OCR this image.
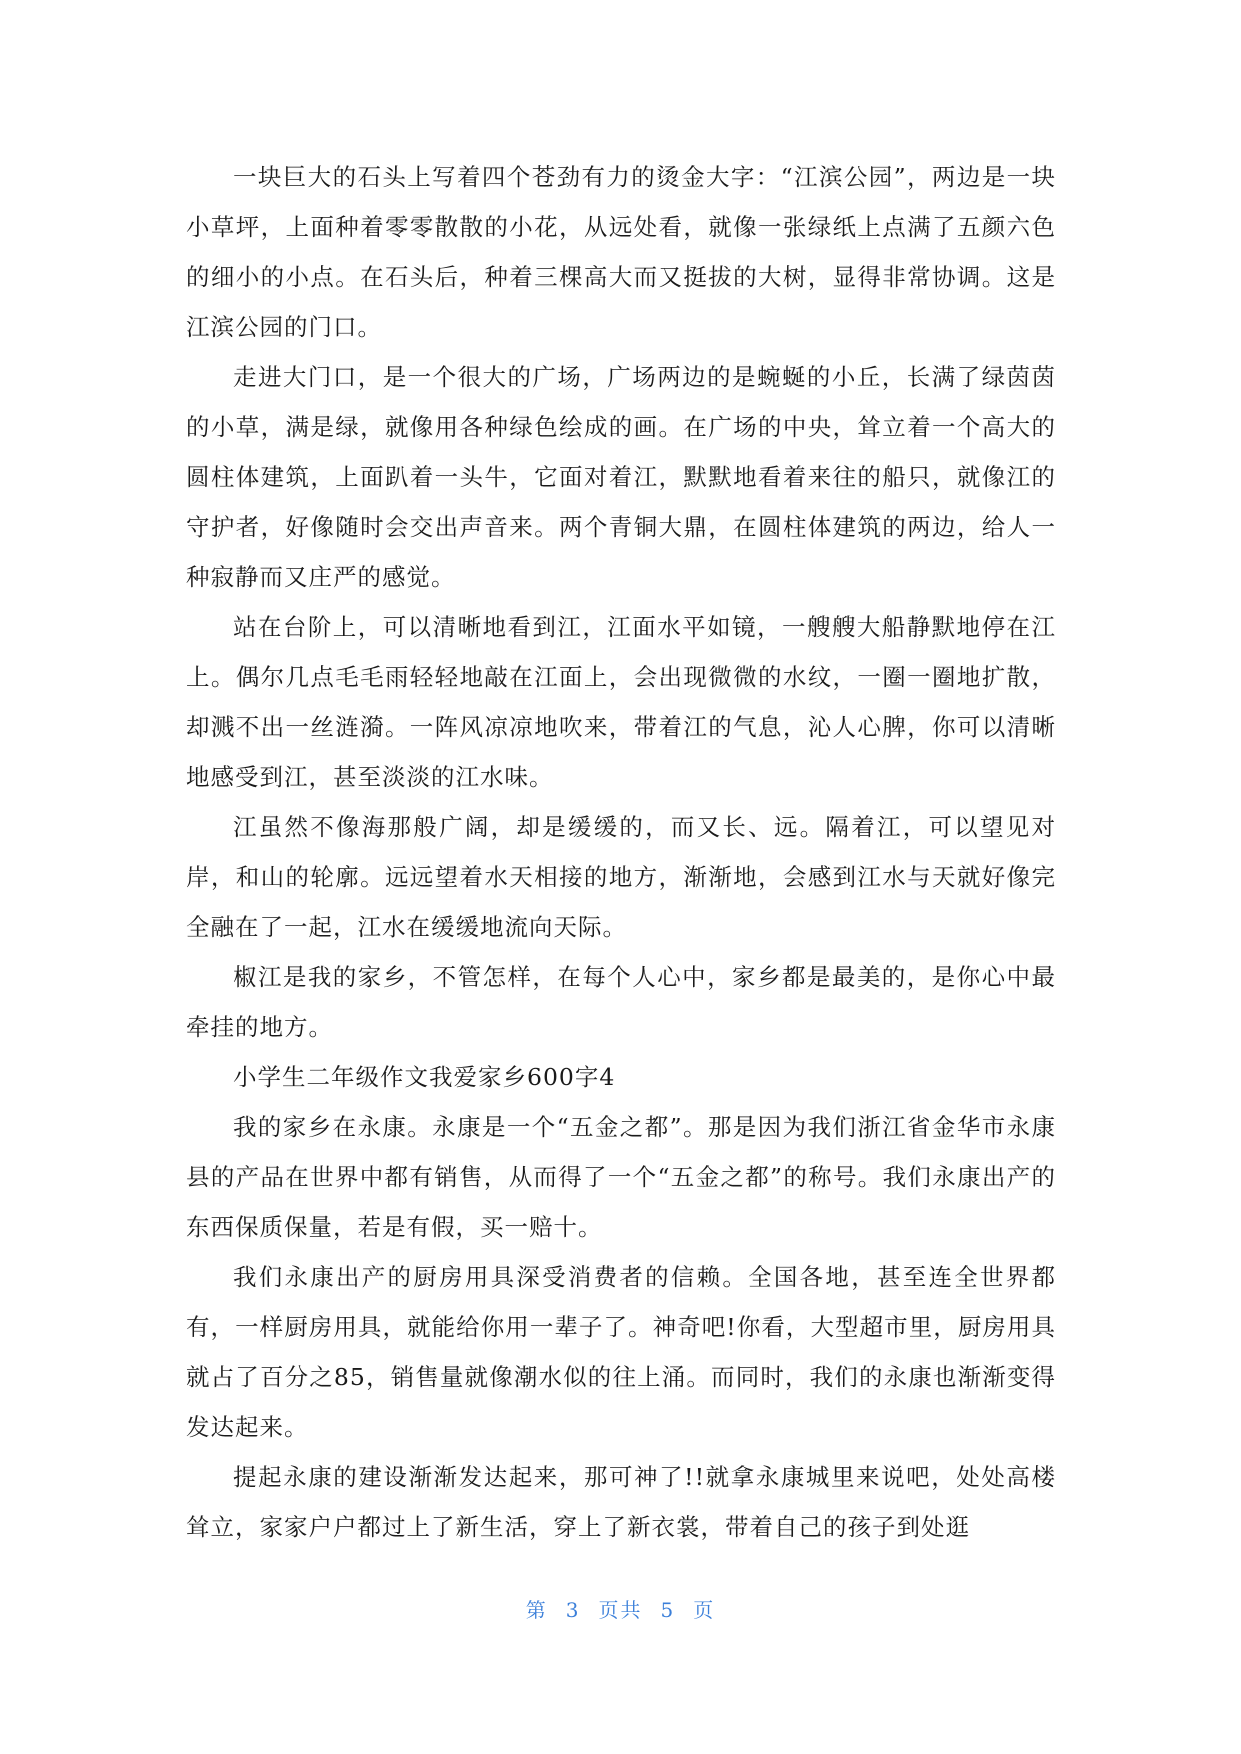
一块巨大的石头上写着四个苍劲有力的烫金大字：“江滨公园”，两边是一块小草坪，上面种着零零散散的小花，从远处看，就像一张绿纸上点满了五颜六色的细小的小点。在石头后，种着三棵高大而又挺拔的大树，显得非常协调。这是江滨公园的门口。

走进大门口，是一个很大的广场，广场两边的是蜿蜒的小丘，长满了绿茵茵的小草，满是绿，就像用各种绿色绘成的画。在广场的中央，耸立着一个高大的圆柱体建筑，上面趴着一头牛，它面对着江，默默地看着来往的船只，就像江的守护者，好像随时会交出声音来。两个青铜大鼎，在圆柱体建筑的两边，给人一种寂静而又庄严的感觉。

站在台阶上，可以清晰地看到江，江面水平如镜，一艘艘大船静默地停在江上。偶尔几点毛毛雨轻轻地敲在江面上，会出现微微的水纹，一圈一圈地扩散，却溅不出一丝涟漪。一阵风凉凉地吹来，带着江的气息，沁人心脾，你可以清晰地感受到江，甚至淡淡的江水味。

江虽然不像海那般广阔，却是缓缓的，而又长、远。隔着江，可以望见对岸，和山的轮廓。远远望着水天相接的地方，渐渐地，会感到江水与天就好像完全融在了一起，江水在缓缓地流向天际。

椒江是我的家乡，不管怎样，在每个人心中，家乡都是最美的，是你心中最牵挂的地方。

小学生二年级作文我爱家乡600字4

我的家乡在永康。永康是一个“五金之都”。那是因为我们浙江省金华市永康县的产品在世界中都有销售，从而得了一个“五金之都”的称号。我们永康出产的东西保质保量，若是有假，买一赔十。

我们永康出产的厨房用具深受消费者的信赖。全国各地，甚至连全世界都有，一样厨房用具，就能给你用一辈子了。神奇吧!你看，大型超市里，厨房用具就占了百分之85，销售量就像潮水似的往上涌。而同时，我们的永康也渐渐变得发达起来。

提起永康的建设渐渐发达起来，那可神了!!就拿永康城里来说吧，处处高楼耸立，家家户户都过上了新生活，穿上了新衣裳，带着自己的孩子到处逛

第 3 页共 5 页
